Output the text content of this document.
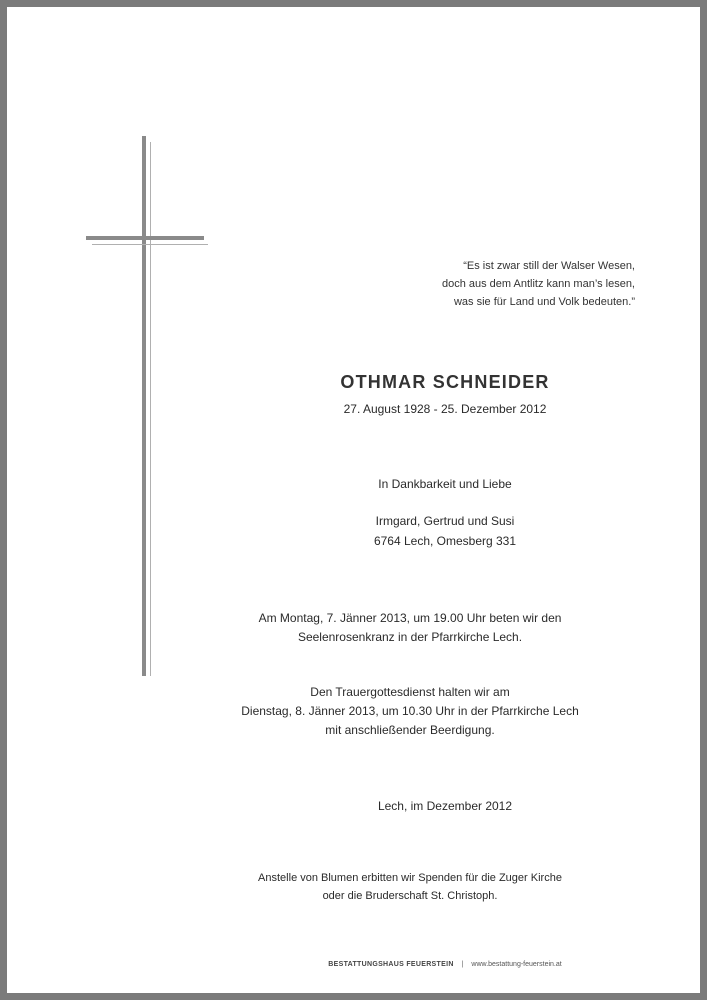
“Es ist zwar still der Walser Wesen,
doch aus dem Antlitz kann man’s lesen,
was sie für Land und Volk bedeuten.”
OTHMAR SCHNEIDER
27. August 1928 - 25. Dezember 2012
In Dankbarkeit und Liebe
Irmgard, Gertrud und Susi
6764 Lech, Omesberg 331
Am Montag, 7. Jänner 2013, um 19.00 Uhr beten wir den
Seelenrosenkranz in der Pfarrkirche Lech.
Den Trauergottesdienst halten wir am
Dienstag, 8. Jänner 2013, um 10.30 Uhr in der Pfarrkirche Lech
mit anschließender Beerdigung.
Lech, im Dezember 2012
Anstelle von Blumen erbitten wir Spenden für die Zuger Kirche
oder die Bruderschaft St. Christoph.
BESTATTUNGSHAUS FEUERSTEIN | www.bestattung-feuerstein.at
